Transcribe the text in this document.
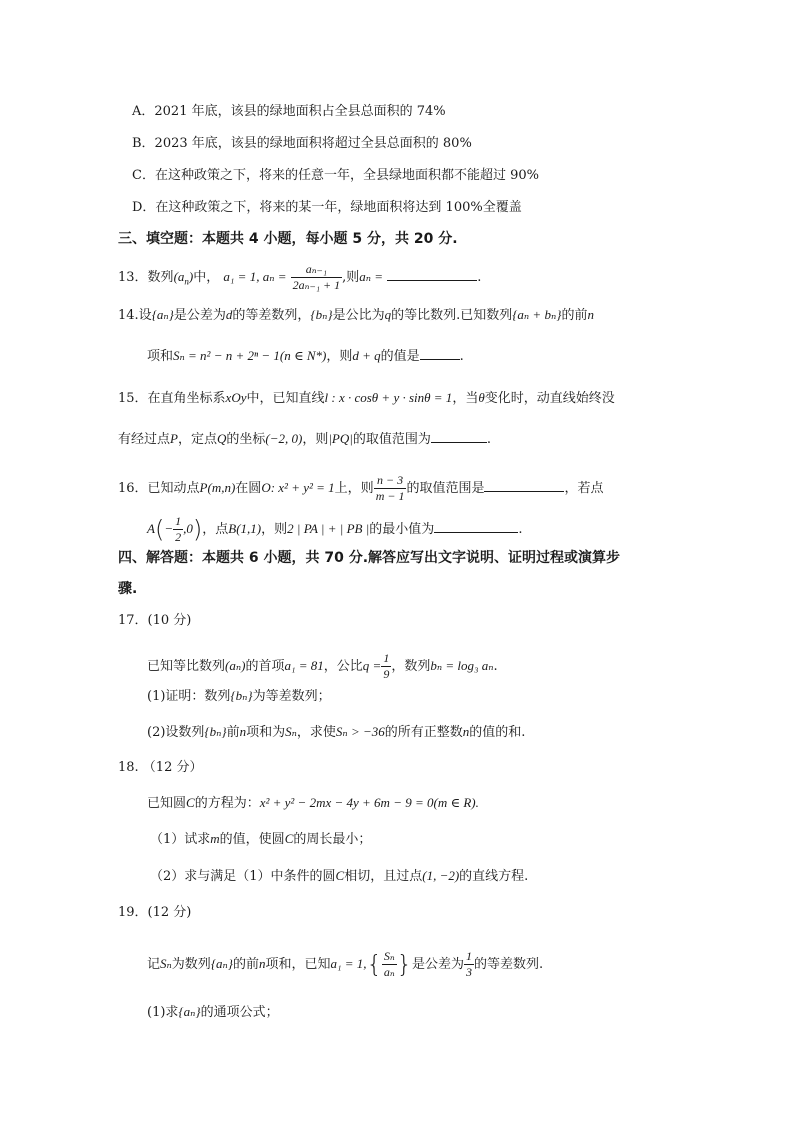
A．2021 年底，该县的绿地面积占全县总面积的 74%
B．2023 年底，该县的绿地面积将超过全县总面积的 80%
C．在这种政策之下，将来的任意一年，全县绿地面积都不能超过 90%
D．在这种政策之下，将来的某一年，绿地面积将达到 100%全覆盖
三、填空题：本题共 4 小题，每小题 5 分，共 20 分.
13．数列$(a_n)$中， a₁ = 1, $a_n = \frac{\text{aₙ₋₁}}{\text{2aₙ₋₁ + 1}}$ ,则aₙ =	.
14.设{aₙ}是公差为d的等差数列，{bₙ}是公比为q的等比数列.已知数列{aₙ + bₙ}的前n
项和Sₙ = n² − n + 2ⁿ − 1(n ∈ N*)，则d + q的值是	.
15．在直角坐标系xOy中，已知直线l : x · cosθ + y · sinθ = 1，当θ变化时，动直线始终没
有经过点P，定点Q的坐标(−2, 0)，则|PQ|的取值范围为	.
16．已知动点P(m,n)在圆O: x² + y² = 1上，则 $\frac{n - 3}{m - 1}$ 的取值范围是	，若点
$A(- \frac{1}{2} ,0)$，点B(1,1)，则2 | PA | + | PB |的最小值为	.
四、解答题：本题共 6 小题，共 70 分.解答应写出文字说明、证明过程或演算步
骤.
17．(10 分)
已知等比数列(aₙ)的首项a₁ = 81，公比$q = \frac{1}{9}$ ，数列bₙ = log₃ aₙ.
(1)证明：数列{bₙ}为等差数列；
(2)设数列{bₙ}前n项和为Sₙ，求使Sₙ > −36的所有正整数n的值的和.
18. （12 分）
已知圆C的方程为：x² + y² − 2mx − 4y + 6m − 9 = 0(m ∈ R).
（1）试求m的值，使圆C的周长最小；
（2）求与满足（1）中条件的圆C相切，且过点(1, −2)的直线方程.
19．(12 分)
记Sₙ为数列{aₙ}的前n项和，已知$a_1 = 1,\{ \frac{\text{Sₙ}}{\text{aₙ}}$ }是公差为 $\frac{1}{3}$ 的等差数列.
(1)求{aₙ}的通项公式；
